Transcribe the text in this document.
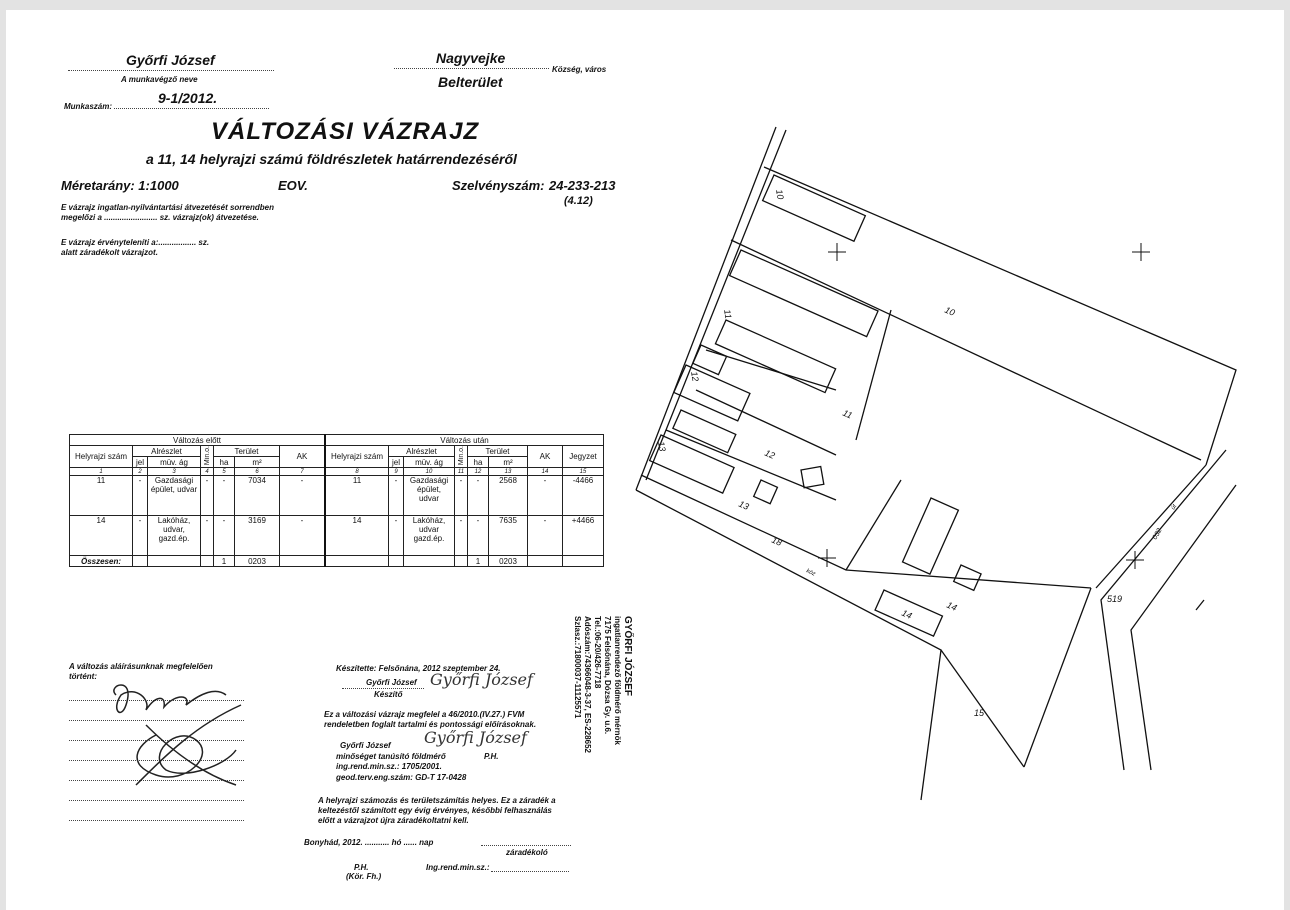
Győrfi József
A munkavégző neve
Munkaszám:
9-1/2012.
Nagyvejke
Község, város
Belterület
VÁLTOZÁSI VÁZRAJZ
a 11, 14 helyrajzi számú földrészletek határrendezéséről
Méretarány: 1:1000	EOV.	Szelvényszám: 24-233-213
(4.12)
E vázrajz ingatlan-nyilvántartási átvezetését sorrendben
megelőzi a ........................ sz. vázrajz(ok) átvezetése.
E vázrajz érvényteleníti a:................. sz.
alatt záradékolt vázrajzot.
Változás előtt							Változás után							
Helyrajzi szám	Alrészlet		Min.o.	Terület		AK	Helyrajzi szám	Alrészlet		Min.o.	Terület		AK	Jegyzet
	jel	müv. ág		ha	m²			jel	müv. ág		ha	m²		
1	2	3	4	5	6	7	8	9	10	11	12	13	14	15
11	-	Gazdasági épület, udvar	-	-	7034	-	11	-	Gazdasági épület, udvar	-	-	2568	-	-4466
14	-	Lakóház, udvar, gazd.ép.	-	-	3169	-	14	-	Lakóház, udvar gazd.ép.	-	-	7635	-	+4466
Összesen:				1	0203						1	0203		
A változás aláírásunknak megfelelően
történt:
Készítette: Felsőnána, 2012 szeptember 24.
Győrfi József Győrfi József
Készítő
Ez a változási vázrajz megfelel a 46/2010.(IV.27.) FVM
rendeletben foglalt tartalmi és pontossági előírásoknak.
Győrfi József Győrfi József
minőséget tanúsító földmérő	P.H.
ing.rend.min.sz.: 1705/2001.
geod.terv.eng.szám: GD-T 17-0428
A helyrajzi számozás és területszámítás helyes. Ez a záradék a
keltezéstől számított egy évig érvényes, későbbi felhasználás
előtt a vázrajzot újra záradékoltatni kell.
Bonyhád, 2012. ........... hó ...... nap
záradékoló
P.H.
(Kör. Fh.)
Ing.rend.min.sz.:
GYŐRFI JÓZSEF
ingatlanrendező földmérő mérnök
7175 Felsőnána, Dózsa Gy. u.6.
Tel.:06-20/426-7718
Adószám:74366048-3-37, ES-228652
Szlasz.:71800037-11125571
10
10
11
11
12
12
13
13
14
14
15
18
köz
519
032
út
